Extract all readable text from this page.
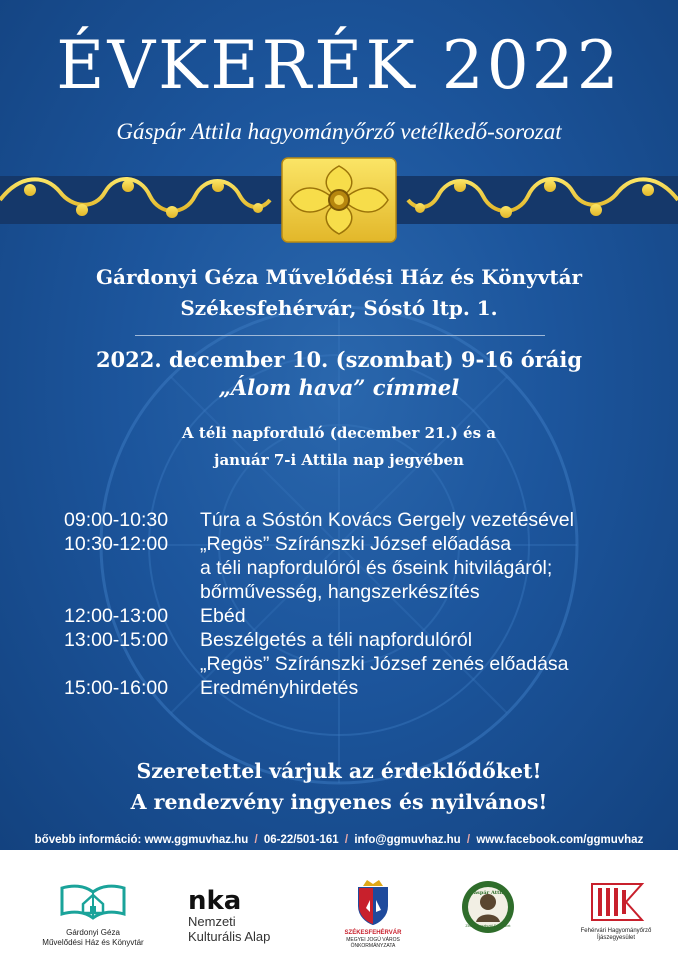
ÉVKERÉK 2022
Gáspár Attila hagyományőrző vetélkedő-sorozat
Gárdonyi Géza Művelődési Ház és Könyvtár
Székesfehérvár, Sóstó ltp. 1.
2022. december 10. (szombat) 9-16 óráig
„Álom hava” címmel
A téli napforduló (december 21.) és a
január 7-i Attila nap jegyében
09:00-10:30	Túra a Sóstón Kovács Gergely vezetésével
10:30-12:00	„Regös” Szíránszki József előadása
a téli napfordulóról és őseink hitvilágáról;
bőrművesség, hangszerkészítés
12:00-13:00	Ebéd
13:00-15:00	Beszélgetés a téli napfordulóról
„Regös” Szíránszki József zenés előadása
15:00-16:00	Eredményhirdetés
Szeretettel várjuk az érdeklődőket!
A rendezvény ingyenes és nyilvános!
bővebb információ: www.ggmuvhaz.hu / 06-22/501-161 / info@ggmuvhaz.hu / www.facebook.com/ggmuvhaz
Gárdonyi Géza
Művelődési Ház és Könyvtár
nka
Nemzeti
Kulturális Alap	SZÉKESFEHÉRVÁR
MEGYEI JOGÚ VÁROS
ÖNKORMÁNYZATA
Gáspár Attila
Zöld Keresztszál Egyesület
Fehérvári Hagyományőrző
Íjászegyesület
